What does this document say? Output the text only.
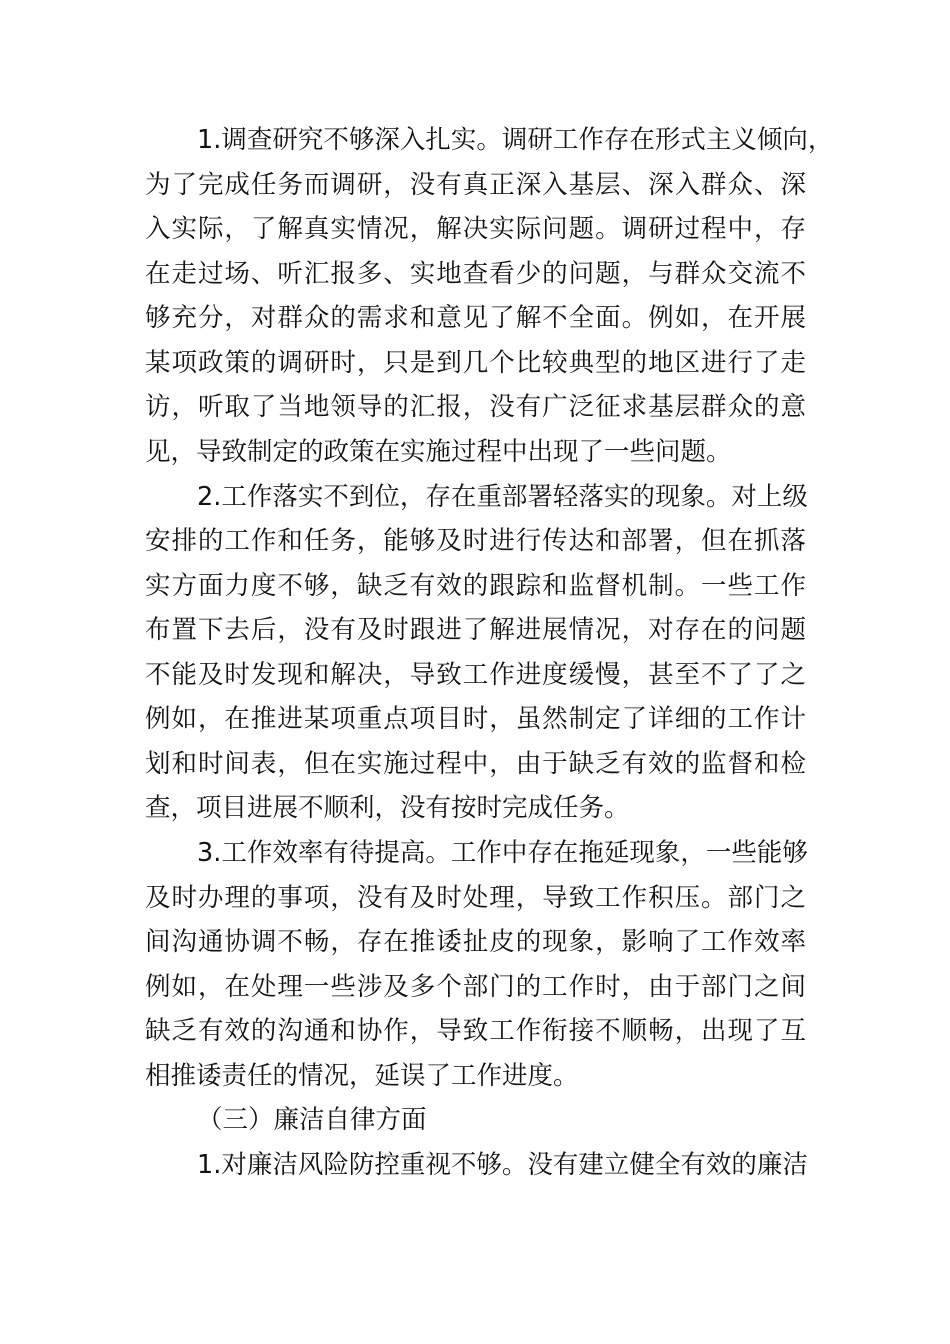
1.调查研究不够深入扎实。调研工作存在形式主义倾向，
为了完成任务而调研，没有真正深入基层、深入群众、深
入实际，了解真实情况，解决实际问题。调研过程中，存
在走过场、听汇报多、实地查看少的问题，与群众交流不
够充分，对群众的需求和意见了解不全面。例如，在开展
某项政策的调研时，只是到几个比较典型的地区进行了走
访，听取了当地领导的汇报，没有广泛征求基层群众的意
见，导致制定的政策在实施过程中出现了一些问题。
2.工作落实不到位，存在重部署轻落实的现象。对上级
安排的工作和任务，能够及时进行传达和部署，但在抓落
实方面力度不够，缺乏有效的跟踪和监督机制。一些工作
布置下去后，没有及时跟进了解进展情况，对存在的问题
不能及时发现和解决，导致工作进度缓慢，甚至不了了之
例如，在推进某项重点项目时，虽然制定了详细的工作计
划和时间表，但在实施过程中，由于缺乏有效的监督和检
查，项目进展不顺利，没有按时完成任务。
3.工作效率有待提高。工作中存在拖延现象，一些能够
及时办理的事项，没有及时处理，导致工作积压。部门之
间沟通协调不畅，存在推诿扯皮的现象，影响了工作效率
例如，在处理一些涉及多个部门的工作时，由于部门之间
缺乏有效的沟通和协作，导致工作衔接不顺畅，出现了互
相推诿责任的情况，延误了工作进度。
（三）廉洁自律方面
1.对廉洁风险防控重视不够。没有建立健全有效的廉洁
